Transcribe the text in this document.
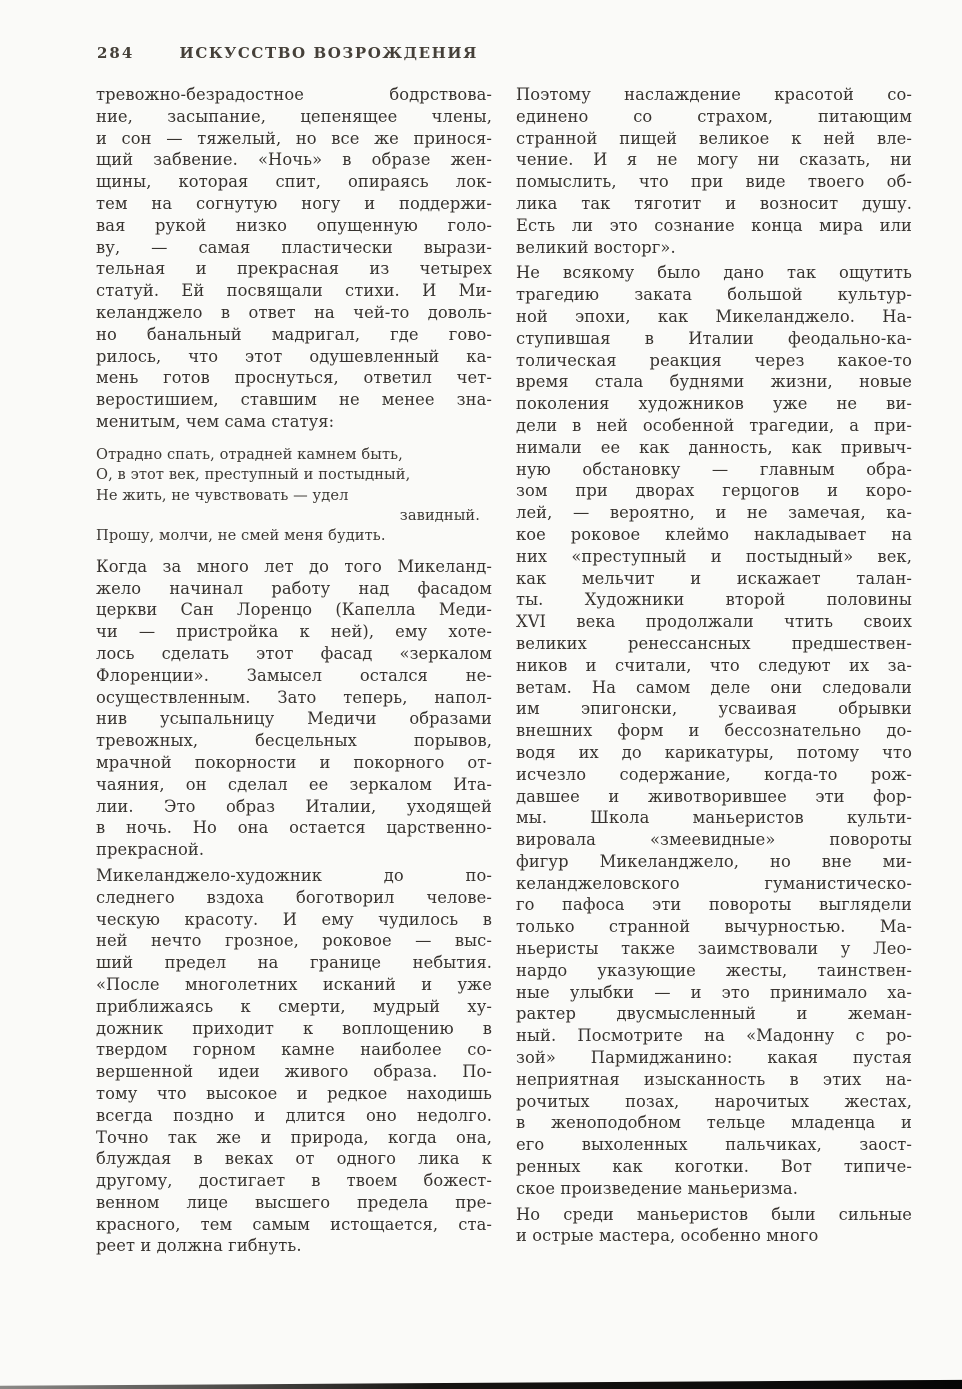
284	ИСКУССТВО ВОЗРОЖДЕНИЯ
тревожно-безрадостное бодрствова-
ние, засыпание, цепенящее члены,
и сон — тяжелый, но все же принося-
щий забвение. «Ночь» в образе жен-
щины, которая спит, опираясь лок-
тем на согнутую ногу и поддержи-
вая рукой низко опущенную голо-
ву, — самая пластически вырази-
тельная и прекрасная из четырех
статуй. Ей посвящали стихи. И Ми-
келанджело в ответ на чей-то доволь-
но банальный мадригал, где гово-
рилось, что этот одушевленный ка-
мень готов проснуться, ответил чет-
веростишием, ставшим не менее зна-
менитым, чем сама статуя:
Отрадно спать, отрадней камнем быть,
О, в этот век, преступный и постыдный,
Не жить, не чувствовать — удел
завидный.
Прошу, молчи, не смей меня будить.
Когда за много лет до того Микеланд-
жело начинал работу над фасадом
церкви Сан Лоренцо (Капелла Меди-
чи — пристройка к ней), ему хоте-
лось сделать этот фасад «зеркалом
Флоренции». Замысел остался не-
осуществленным. Зато теперь, напол-
нив усыпальницу Медичи образами
тревожных, бесцельных порывов,
мрачной покорности и покорного от-
чаяния, он сделал ее зеркалом Ита-
лии. Это образ Италии, уходящей
в ночь. Но она остается царственно-
прекрасной.
Микеланджело-художник до по-
следнего вздоха боготворил челове-
ческую красоту. И ему чудилось в
ней нечто грозное, роковое — выс-
ший предел на границе небытия.
«После многолетних исканий и уже
приближаясь к смерти, мудрый ху-
дожник приходит к воплощению в
твердом горном камне наиболее со-
вершенной идеи живого образа. По-
тому что высокое и редкое находишь
всегда поздно и длится оно недолго.
Точно так же и природа, когда она,
блуждая в веках от одного лика к
другому, достигает в твоем божест-
венном лице высшего предела пре-
красного, тем самым истощается, ста-
реет и должна гибнуть.
Поэтому наслаждение красотой со-
единено со страхом, питающим
странной пищей великое к ней вле-
чение. И я не могу ни сказать, ни
помыслить, что при виде твоего об-
лика так тяготит и возносит душу.
Есть ли это сознание конца мира или
великий восторг».
Не всякому было дано так ощутить
трагедию заката большой культур-
ной эпохи, как Микеланджело. На-
ступившая в Италии феодально-ка-
толическая реакция через какое-то
время стала буднями жизни, новые
поколения художников уже не ви-
дели в ней особенной трагедии, а при-
нимали ее как данность, как привыч-
ную обстановку — главным обра-
зом при дворах герцогов и коро-
лей, — вероятно, и не замечая, ка-
кое роковое клеймо накладывает на
них «преступный и постыдный» век,
как мельчит и искажает талан-
ты. Художники второй половины
XVI века продолжали чтить своих
великих ренессансных предшествен-
ников и считали, что следуют их за-
ветам. На самом деле они следовали
им эпигонски, усваивая обрывки
внешних форм и бессознательно до-
водя их до карикатуры, потому что
исчезло содержание, когда-то рож-
давшее и животворившее эти фор-
мы. Школа маньеристов культи-
вировала «змеевидные» повороты
фигур Микеланджело, но вне ми-
келанджеловского гуманистическо-
го пафоса эти повороты выглядели
только странной вычурностью. Ма-
ньеристы также заимствовали у Лео-
нардо указующие жесты, таинствен-
ные улыбки — и это принимало ха-
рактер двусмысленный и жеман-
ный. Посмотрите на «Мадонну с ро-
зой» Пармиджанино: какая пустая
неприятная изысканность в этих на-
рочитых позах, нарочитых жестах,
в женоподобном тельце младенца и
его выхоленных пальчиках, заост-
ренных как коготки. Вот типиче-
ское произведение маньеризма.
Но среди маньеристов были сильные
и острые мастера, особенно много
